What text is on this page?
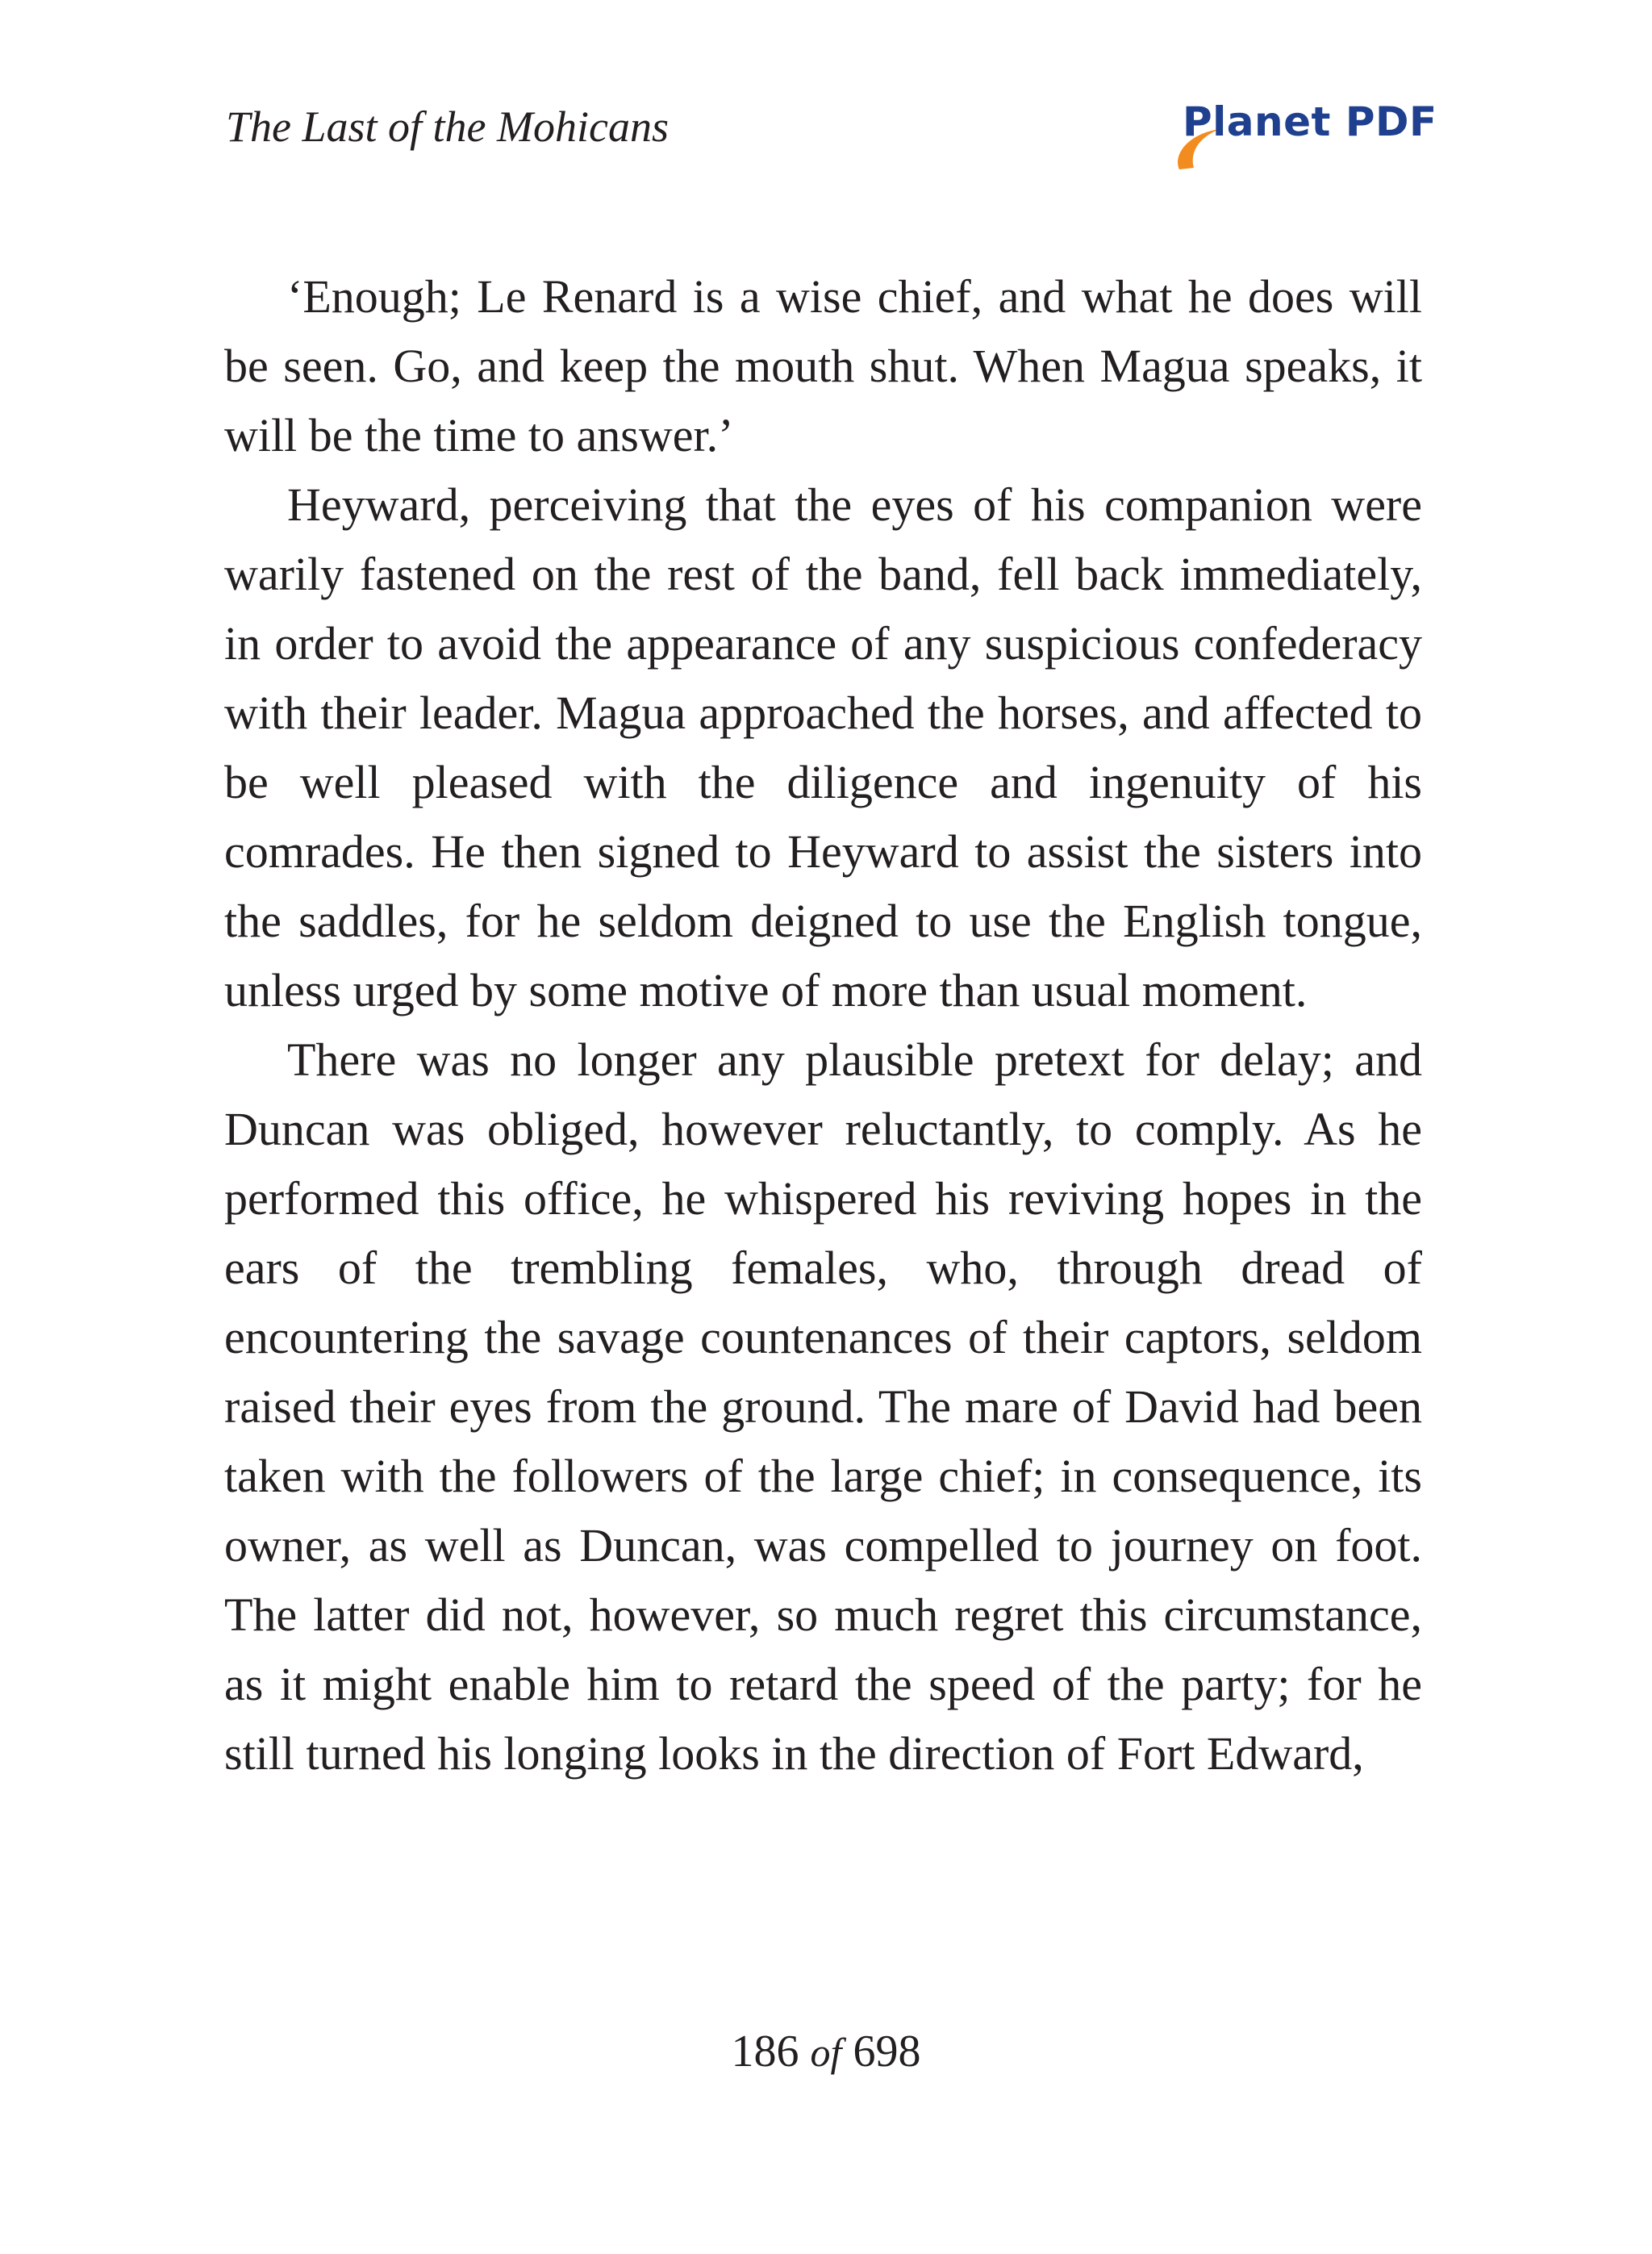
The Last of the Mohicans	Planet PDF

‘Enough; Le Renard is a wise chief, and what he does will be seen. Go, and keep the mouth shut. When Magua speaks, it will be the time to answer.’

Heyward, perceiving that the eyes of his companion were warily fastened on the rest of the band, fell back immediately, in order to avoid the appearance of any suspicious confederacy with their leader. Magua approached the horses, and affected to be well pleased with the diligence and ingenuity of his comrades. He then signed to Heyward to assist the sisters into the saddles, for he seldom deigned to use the English tongue, unless urged by some motive of more than usual moment.

There was no longer any plausible pretext for delay; and Duncan was obliged, however reluctantly, to comply. As he performed this office, he whispered his reviving hopes in the ears of the trembling females, who, through dread of encountering the savage countenances of their captors, seldom raised their eyes from the ground. The mare of David had been taken with the followers of the large chief; in consequence, its owner, as well as Duncan, was compelled to journey on foot. The latter did not, however, so much regret this circumstance, as it might enable him to retard the speed of the party; for he still turned his longing looks in the direction of Fort Edward,

186 of 698
